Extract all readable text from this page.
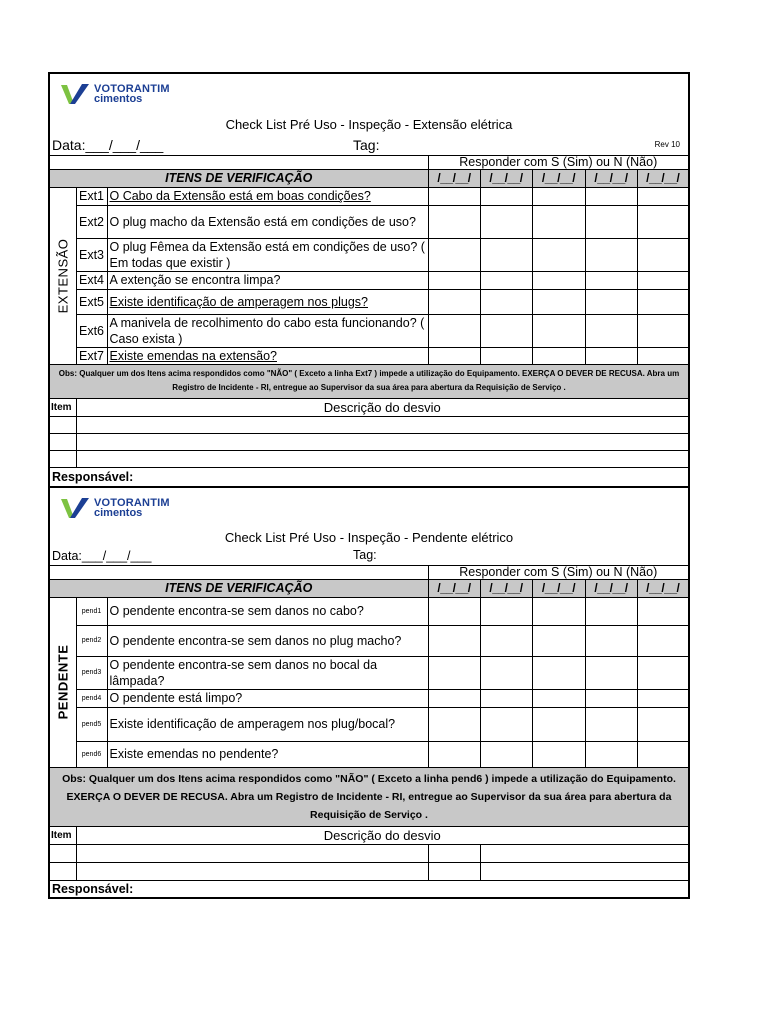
VOTORANTIM
cimentos							

Check List Pré Uso - Inspeção - Extensão elétrica							
Data:___/___/___ Tag:			Rev 10				
			Responder com S (Sim) ou N (Não)				
ITENS DE VERIFICAÇÃO			/__/__/	/__/__/	/__/__/	/__/__/	/__/__/

EXTENSÃO	Ext1	O Cabo da Extensão está em boas condições?					
	Ext2	O plug macho da Extensão está em condições de uso?					
	Ext3	O plug Fêmea da Extensão está em condições de uso? ( Em todas que existir )					
	Ext4	A extenção se encontra limpa?					
	Ext5	Existe identificação de amperagem nos plugs?					
	Ext6	A manivela de recolhimento do cabo esta funcionando? ( Caso exista )					
	Ext7	Existe emendas na extensão?					
Obs: Qualquer um dos Itens acima respondidos como "NÃO" ( Exceto a linha Ext7 ) impede a utilização do Equipamento. EXERÇA O DEVER DE RECUSA. Abra um Registro de Incidente - RI, entregue ao Supervisor da sua área para abertura da Requisição de Serviço .							
Item	Descrição do desvio						

Responsável:							

VOTORANTIM
cimentos							

Check List Pré Uso - Inspeção - Pendente elétrico							
Data:___/___/___ Tag:							

			Responder com S (Sim) ou N (Não)				
ITENS DE VERIFICAÇÃO			/__/__/	/__/__/	/__/__/	/__/__/	/__/__/

PENDENTE	pend1	O pendente encontra-se sem danos no cabo?					
	pend2	O pendente encontra-se sem danos no plug macho?					
	pend3	O pendente encontra-se sem danos no bocal da lâmpada?					
	pend4	O pendente está limpo?					
	pend5	Existe identificação de amperagem nos plug/bocal?					
	pend6	Existe emendas no pendente?					
Obs: Qualquer um dos Itens acima respondidos como "NÃO" ( Exceto a linha pend6 ) impede a utilização do Equipamento. EXERÇA O DEVER DE RECUSA. Abra um Registro de Incidente - RI, entregue ao Supervisor da sua área para abertura da Requisição de Serviço .							
Item	Descrição do desvio						

Responsável:							
